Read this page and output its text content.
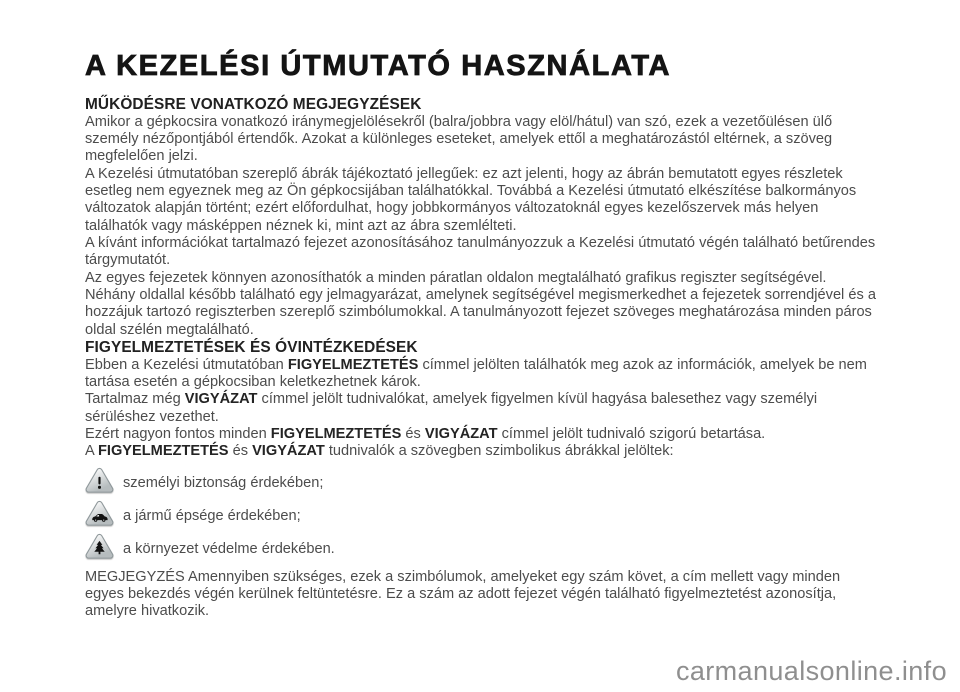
A KEZELÉSI ÚTMUTATÓ HASZNÁLATA
MŰKÖDÉSRE VONATKOZÓ MEGJEGYZÉSEK

Amikor a gépkocsira vonatkozó iránymegjelölésekről (balra/jobbra vagy elöl/hátul) van szó, ezek a vezetőülésen ülő személy nézőpontjából értendők. Azokat a különleges eseteket, amelyek ettől a meghatározástól eltérnek, a szöveg megfelelően jelzi.

A Kezelési útmutatóban szereplő ábrák tájékoztató jellegűek: ez azt jelenti, hogy az ábrán bemutatott egyes részletek esetleg nem egyeznek meg az Ön gépkocsijában találhatókkal. Továbbá a Kezelési útmutató elkészítése balkormányos változatok alapján történt; ezért előfordulhat, hogy jobbkormányos változatoknál egyes kezelőszervek más helyen találhatók vagy másképpen néznek ki, mint azt az ábra szemlélteti.

A kívánt információkat tartalmazó fejezet azonosításához tanulmányozzuk a Kezelési útmutató végén található betűrendes tárgymutatót.

Az egyes fejezetek könnyen azonosíthatók a minden páratlan oldalon megtalálható grafikus regiszter segítségével. Néhány oldallal később található egy jelmagyarázat, amelynek segítségével megismerkedhet a fejezetek sorrendjével és a hozzájuk tartozó regiszterben szereplő szimbólumokkal. A tanulmányozott fejezet szöveges meghatározása minden páros oldal szélén megtalálható.

FIGYELMEZTETÉSEK ÉS ÓVINTÉZKEDÉSEK

Ebben a Kezelési útmutatóban FIGYELMEZTETÉS címmel jelölten találhatók meg azok az információk, amelyek be nem tartása esetén a gépkocsiban keletkezhetnek károk.

Tartalmaz még VIGYÁZAT címmel jelölt tudnivalókat, amelyek figyelmen kívül hagyása balesethez vagy személyi sérüléshez vezethet.

Ezért nagyon fontos minden FIGYELMEZTETÉS és VIGYÁZAT címmel jelölt tudnivaló szigorú betartása.

A FIGYELMEZTETÉS és VIGYÁZAT tudnivalók a szövegben szimbolikus ábrákkal jelöltek:

személyi biztonság érdekében;
a jármű épsége érdekében;
a környezet védelme érdekében.

MEGJEGYZÉS Amennyiben szükséges, ezek a szimbólumok, amelyeket egy szám követ, a cím mellett vagy minden egyes bekezdés végén kerülnek feltüntetésre. Ez a szám az adott fejezet végén található figyelmeztetést azonosítja, amelyre hivatkozik.

carmanualsonline.info
